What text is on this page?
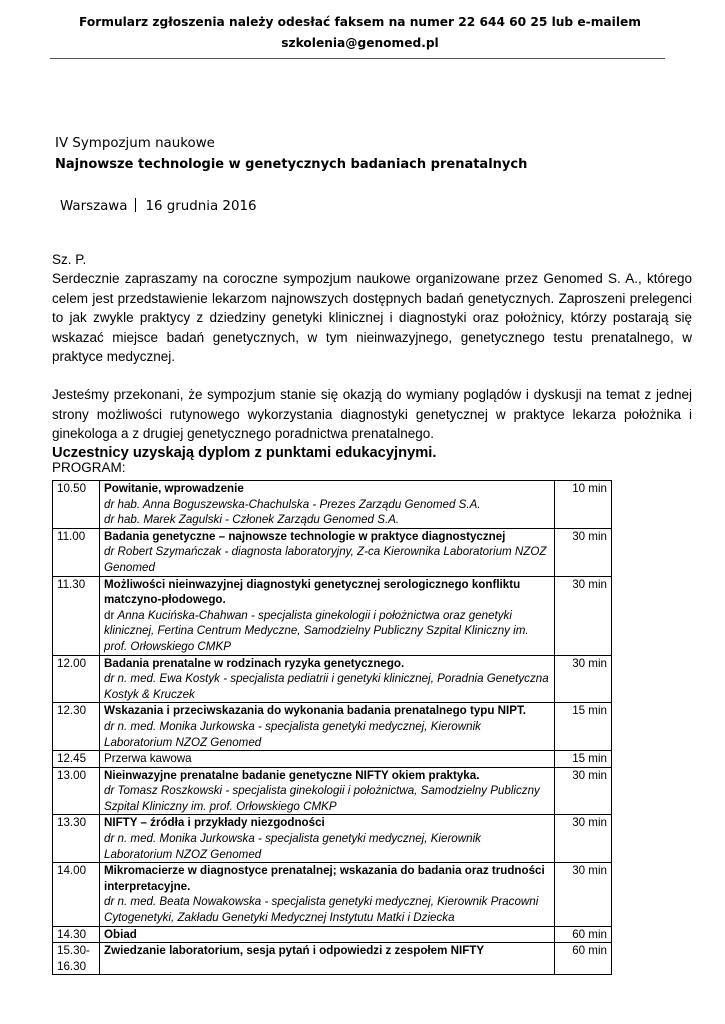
Formularz zgłoszenia należy odesłać faksem na numer 22 644 60 25 lub e-mailem
szkolenia@genomed.pl
IV Sympozjum naukowe
Najnowsze technologie w genetycznych badaniach prenatalnych
Warszawa 16 grudnia 2016

Sz. P.

Serdecznie zapraszamy na coroczne sympozjum naukowe organizowane przez Genomed S. A., którego celem jest przedstawienie lekarzom najnowszych dostępnych badań genetycznych. Zaproszeni prelegenci to jak zwykle praktycy z dziedziny genetyki klinicznej i diagnostyki oraz położnicy, którzy postarają się wskazać miejsce badań genetycznych, w tym nieinwazyjnego, genetycznego testu prenatalnego, w praktyce medycznej.

Jesteśmy przekonani, że sympozjum stanie się okazją do wymiany poglądów i dyskusji na temat z jednej strony możliwości rutynowego wykorzystania diagnostyki genetycznej w praktyce lekarza położnika i ginekologa a z drugiej genetycznego poradnictwa prenatalnego.

Uczestnicy uzyskają dyplom z punktami edukacyjnymi.

PROGRAM:
10.50	Powitanie, wprowadzenie
dr hab. Anna Boguszewska-Chachulska - Prezes Zarządu Genomed S.A.
dr hab. Marek Zagulski - Członek Zarządu Genomed S.A.	10 min
11.00	Badania genetyczne – najnowsze technologie w praktyce diagnostycznej
dr Robert Szymańczak - diagnosta laboratoryjny, Z-ca Kierownika Laboratorium NZOZ Genomed	30 min
11.30	Możliwości nieinwazyjnej diagnostyki genetycznej serologicznego konfliktu matczyno-płodowego.
dr Anna Kucińska-Chahwan - specjalista ginekologii i położnictwa oraz genetyki klinicznej, Fertina Centrum Medyczne, Samodzielny Publiczny Szpital Kliniczny im. prof. Orłowskiego CMKP	30 min
12.00	Badania prenatalne w rodzinach ryzyka genetycznego.
dr n. med. Ewa Kostyk - specjalista pediatrii i genetyki klinicznej, Poradnia Genetyczna Kostyk & Kruczek	30 min
12.30	Wskazania i przeciwskazania do wykonania badania prenatalnego typu NIPT.
dr n. med. Monika Jurkowska - specjalista genetyki medycznej, Kierownik Laboratorium NZOZ Genomed	15 min
12.45	Przerwa kawowa	15 min
13.00	Nieinwazyjne prenatalne badanie genetyczne NIFTY okiem praktyka.
dr Tomasz Roszkowski - specjalista ginekologii i położnictwa, Samodzielny Publiczny Szpital Kliniczny im. prof. Orłowskiego CMKP	30 min
13.30	NIFTY – źródła i przykłady niezgodności
dr n. med. Monika Jurkowska - specjalista genetyki medycznej, Kierownik Laboratorium NZOZ Genomed	30 min
14.00	Mikromacierze w diagnostyce prenatalnej; wskazania do badania oraz trudności interpretacyjne.
dr n. med. Beata Nowakowska - specjalista genetyki medycznej, Kierownik Pracowni Cytogenetyki, Zakładu Genetyki Medycznej Instytutu Matki i Dziecka	30 min
14.30	Obiad	60 min
15.30-16.30	Zwiedzanie laboratorium, sesja pytań i odpowiedzi z zespołem NIFTY	60 min
